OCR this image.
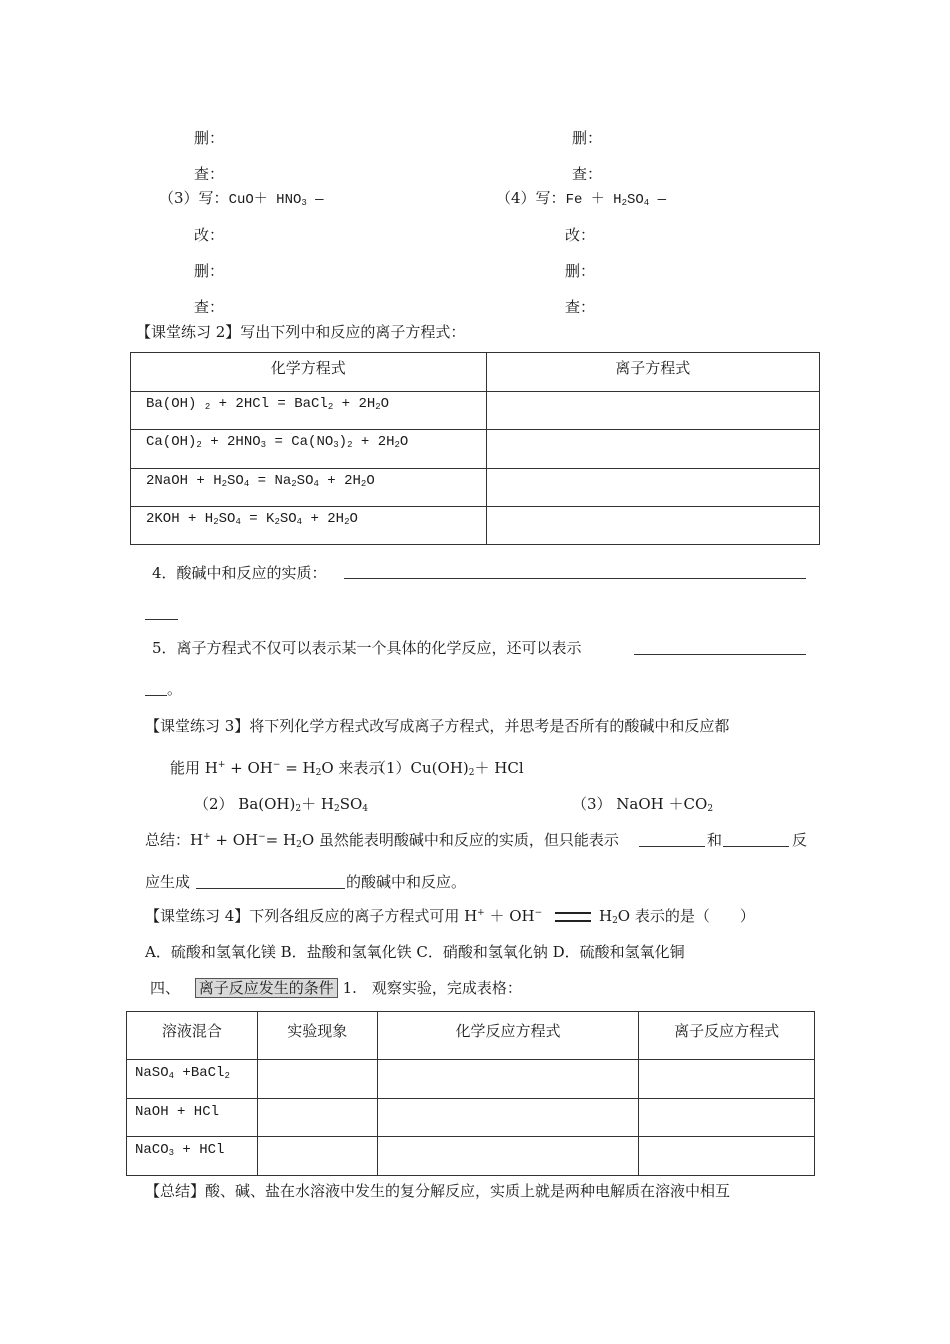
删：	删：
查：	查：
（3）写：$CuO+ HNO_3$ —	（4）写：$Fe + H_2SO_4$ —
改：	改：
删：	删：
查：	查：
【课堂练习 2】写出下列中和反应的离子方程式：
化学方程式	离子方程式
Ba(OH) $_2$ + 2HCl = BaCl$_2$ + $2H_2O$	
$Ca(OH)_2 + 2HNO_3 = Ca(NO_3)_2 + 2H_2O$	
2NaOH + $H_2SO_4 = Na_2SO_4 + 2H_2O$	
$2KOH + H_2SO_4 = K_2SO_4 + 2H_2O$	
4．酸碱中和反应的实质：
5．离子方程式不仅可以表示某一个具体的化学反应，还可以表示
。
【课堂练习 3】将下列化学方程式改写成离子方程式，并思考是否所有的酸碱中和反应都
能用 $H^+ + OH^- = H_2O$ 来表示
$(1)Cu(OH)_2+$ HCl
（2） $Ba(OH)_2+ H_2SO_4$	（3） NaOH $+CO_2$
总结：$H^+ + OH^-= H_2O$ 虽然能表明酸碱中和反应的实质，但只能表示	和	反
应生成	的酸碱中和反应。
【课堂练习 4】下列各组反应的离子方程式可用 H+ ＋ OH−	$H_2O$ 表示的是（　　）
A．硫酸和氢氧化镁 B．盐酸和氢氧化铁 C．硝酸和氢氧化钠 D．硫酸和氢氧化铜
四、 离子反应发生的条件 1.　观察实验，完成表格：
溶液混合	实验现象	化学反应方程式	离子反应方程式
NaSO$_4$ +BaCl$_2$			
NaOH + HCl			
NaCO$_3$ + HCl			
【总结】酸、碱、盐在水溶液中发生的复分解反应，实质上就是两种电解质在溶液中相互
